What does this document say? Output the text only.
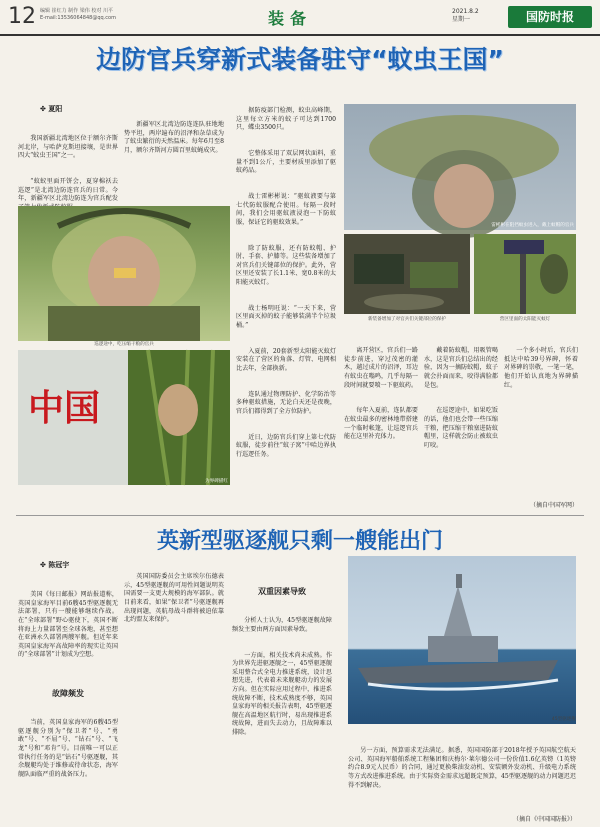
12 编辑 崔红力 制作 梁伟 校对 川平
E-mail:13536064848@qq.com	装备	2021.8.2
星期一	国防时报
边防官兵穿新式装备驻守“蚊虫王国”
✤ 夏阳

我国新疆北湾地区位于额尔齐斯河北岸，与哈萨克斯坦接壤，是世界四大“蚊虫王国”之一。

“蚊蚁里面开饼会，夏穿棉袄去巡逻”是北湾边防连官兵的日常。今年，新疆军区北湾边防连为官兵配发

新疆军区北湾边防连连队驻地地势平坦，两岸遍布的沼泽和杂草成为了蚊虫繁衍的天然温床。每年6月至8月，额尔齐斯河方圆百里蚊蝇成灾。

巡逻途中，吃压缩干粮的官兵
中国
为界碑描红

据防疫部门检测，蚊虫高峰期，这里每立方米的蚊子可达到1700只，蝶虫3500只。

它整体采用了双层网状面料，重量不到1公斤，主要材质里添加了驱蚊药品。

战士雷彬彬说：“驱蚊液要与第七代防蚊服配合使用。每隔一段时间，我们会用驱蚊液浸泡一下防蚊服，保证它的驱蚊效果。”

除了防蚊服，还有防蚊帽、护肘、手套、护膝等。这些装备增加了对官兵们关键部位的保护。此外，营区里还安装了长1.1米、宽0.8米的太阳能灭蚊灯。

战士杨明旺说：“一天下来，营区里面灭掉的蚊子能够装满半个垃圾桶。”

入夏前，20套新型太阳能灭蚊灯安装在了营区的角落、灯管、电网相比去年，全部换新。

连队通过物理防护、化学防治等多种驱蚊措施，无论白天还是夜晚，官兵们都得到了全方位防护。

近日，边防官兵们穿上第七代防蚊服，徒步前往“蚊子窝”中哈边界执行巡逻任务。

雷彬彬在阻挡蚊虫进入，戴上蚊帽的官兵
新装备增加了对官兵们关键部位的保护	营区里面的太阳能灭蚊灯

离开营区，官兵们一路徒步前进，穿过茂密的灌木，越过成片的沼泽，耳边有蚊虫在嗡鸣，几乎每隔一段时间就要喷一下驱蚊药。

每年入夏前，连队都要在蚊虫最多的密林地带搭建一个临时帐篷，让巡逻官兵能在这里补充体力。

戴着防蚊帽，用吸管喝水，这是官兵们总结出的经验，因为一摘防蚊帽，蚊子就会扑面而来，咬得满脸都是包。

在巡逻途中，如果吃饭的话，他们也会带一些压缩干粮，把压缩干粮塞进防蚊帽里，这样就会防止被蚊虫叮咬。

一个多小时后，官兵们抵达中哈39号界碑，怀着对界碑的崇敬，一笔一笔，他们开始认真地为界碑描红。

（摘自中国军网）
英新型驱逐舰只剩一艘能出门
✤ 陈冠宇

美国《每日邮报》网站报道称，英国皇家海军目前6艘45型驱逐舰无法部署，只有一艘能够继续作战。在“全球部署”野心驱使下，英国不断将海上力量部署至全球各地，甚至想在亚洲永久部署两艘军舰。但近年来英国皇家海军高故障率的现实让英国的“全球部署”计划成为空想。

故障频发

当前，英国皇家海军的6艘45型驱逐舰分别为“保卫者”号、“勇敢”号、“不屈”号、“钻石”号、“飞龙”号和“邓肯”号。目前唯一可以正常执行任务的是“钻石”号驱逐舰，其余舰艇均处于维修或待命状态，海军舰队面临严重的战备压力。

英国国防委员会主席埃尔伍德表示，45型驱逐舰的可用性问题说明英国需要一支更大规模的海军部队。就目前来看，如果“保卫者”号驱逐舰再出现问题，英航母战斗群将被迫依靠北约盟友来保护。

双重因素导致

分析人士认为，45型驱逐舰故障频发主要由两方面因素导致。

一方面，相关技术尚未成熟。作为世界先进驱逐舰之一，45型驱逐舰采用整合式全电力推进系统，设计思想先进，代表着未来舰艇动力的发展方向。但在实际应用过程中，推进系统故障不断，技术成熟度不够，英国皇家海军的相关报告表明，45型驱逐舰在高温地区航行时，易出现推进系统故障，进而失去动力，且故障难以排除。

45型驱逐舰

另一方面，预算需求无法满足。据悉，英国国防部于2018年授予英国航空航天公司、英国海军船舶系统工程集团和庆梅尔·莱尔德公司一份价值1.6亿英镑（1英镑约合8.9元人民币）的合同，通过更换柴油发动机、安装额外发动机、升级电力系统等方式改进推进系统。由于实际资金需求远超既定预算，45型驱逐舰的动力问题迟迟得不到解决。

（摘自《中国国防报》）
